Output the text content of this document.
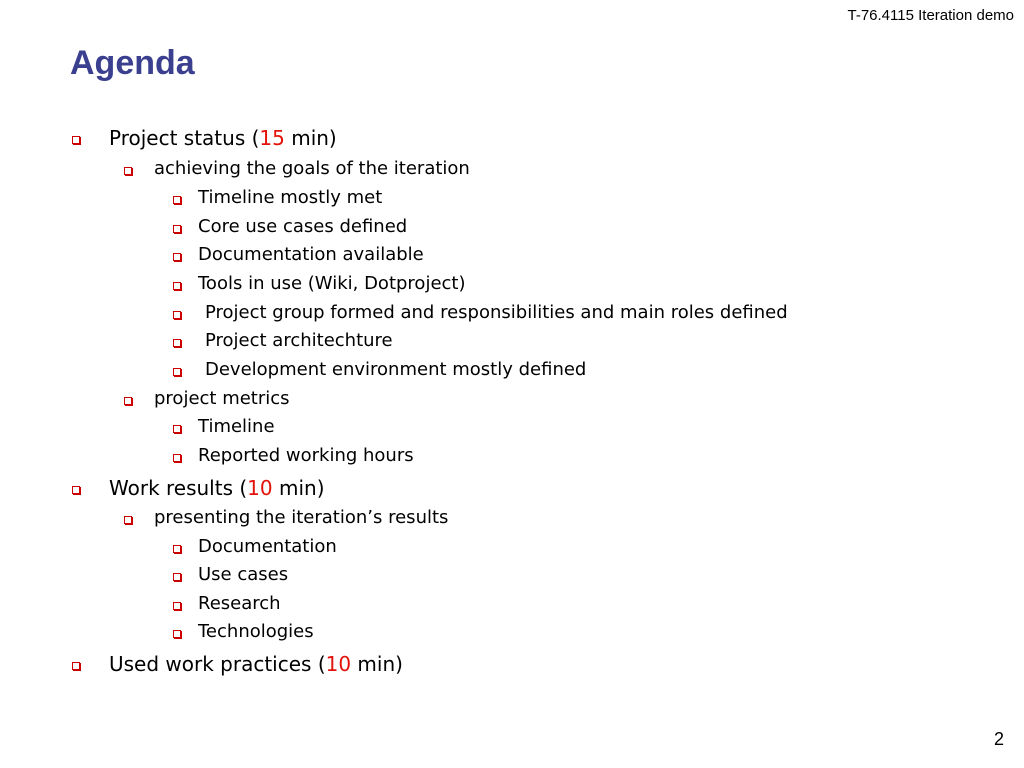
T-76.4115 Iteration demo
Agenda
Project status (15 min)
achieving the goals of the iteration
Timeline mostly met
Core use cases defined
Documentation available
Tools in use (Wiki, Dotproject)
Project group formed and responsibilities and main roles defined
Project architechture
Development environment mostly defined
project metrics
Timeline
Reported working hours
Work results (10 min)
presenting the iteration’s results
Documentation
Use cases
Research
Technologies
Used work practices (10 min)
2
